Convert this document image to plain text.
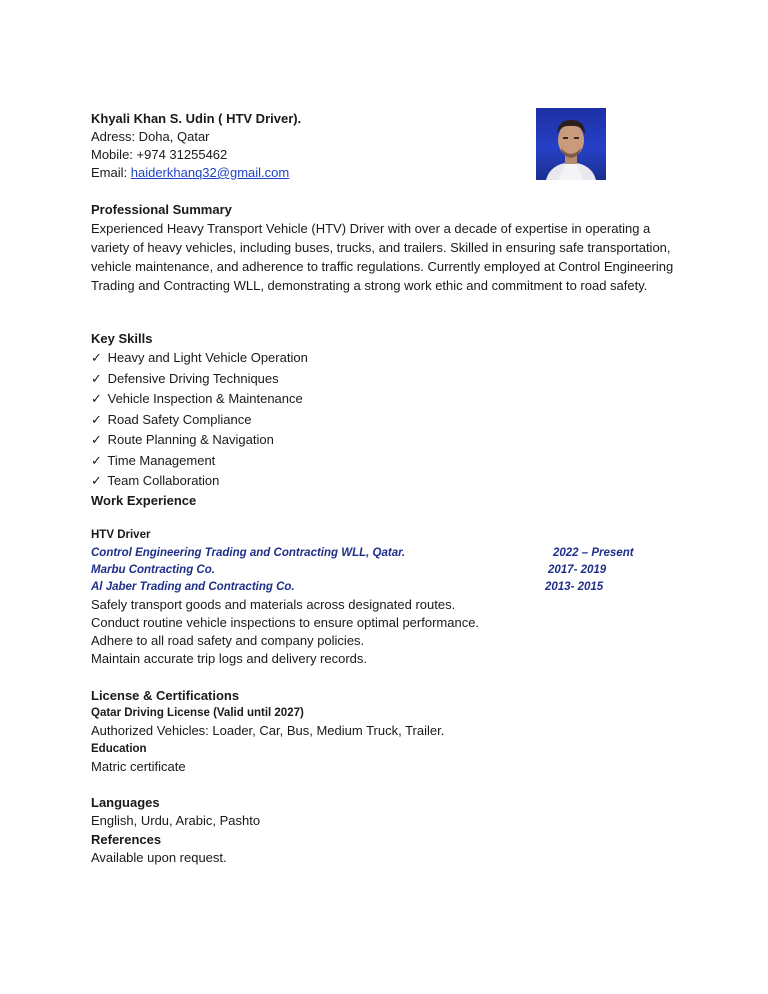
Khyali Khan S. Udin ( HTV Driver).
Adress: Doha, Qatar
Mobile: +974 31255462
Email: haiderkhanq32@gmail.com
Professional Summary
Experienced Heavy Transport Vehicle (HTV) Driver with over a decade of expertise in operating a variety of heavy vehicles, including buses, trucks, and trailers. Skilled in ensuring safe transportation, vehicle maintenance, and adherence to traffic regulations. Currently employed at Control Engineering Trading and Contracting WLL, demonstrating a strong work ethic and commitment to road safety.
Key Skills
✓ Heavy and Light Vehicle Operation
✓ Defensive Driving Techniques
✓ Vehicle Inspection & Maintenance
✓ Road Safety Compliance
✓ Route Planning & Navigation
✓ Time Management
✓ Team Collaboration
Work Experience
HTV Driver
Control Engineering Trading and Contracting WLL, Qatar.	2022 – Present
Marbu Contracting Co.	2017- 2019
Al Jaber Trading and Contracting Co.	2013- 2015
Safely transport goods and materials across designated routes.
Conduct routine vehicle inspections to ensure optimal performance.
Adhere to all road safety and company policies.
Maintain accurate trip logs and delivery records.
License & Certifications
Qatar Driving License (Valid until 2027)
Authorized Vehicles: Loader, Car, Bus, Medium Truck, Trailer.
Education
Matric certificate
Languages
English, Urdu, Arabic, Pashto
References
Available upon request.
